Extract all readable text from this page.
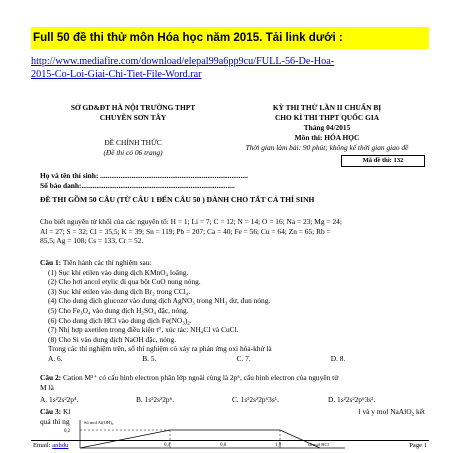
Full 50 đề thi thử môn Hóa học năm 2015. Tải link dưới :
http://www.mediafire.com/download/elepal99a6pp9cu/FULL-56-De-Hoa-
2015-Co-Loi-Giai-Chi-Tiet-File-Word.rar
SỞ GD&ĐT HÀ NỘI TRƯỜNG THPT
CHUYÊN SƠN TÂY
ĐỀ CHÍNH THỨC
(Đề thi có 06 trang)
KỲ THI THỬ LẦN II CHUẨN BỊ
CHO KÌ THI THPT QUỐC GIA
Tháng 04/2015
Môn thi: HÓA HỌC
Thời gian làm bài: 90 phút; không kể thời gian giao đề
Mã đề thi: 132
Họ và tên thí sinh: ................................................................................
Số báo danh:...................................................................................
ĐỀ THI GỒM 50 CÂU (TỪ CÂU 1 ĐẾN CÂU 50 ) DÀNH CHO TẤT CẢ THÍ SINH
Cho biết nguyên tử khối của các nguyên tố: H = 1; Li = 7; C = 12; N = 14; O = 16; Na = 23; Mg = 24;
Al = 27; S = 32; Cl = 35,5; K = 39; Sn = 119; Pb = 207; Ca = 40; Fe = 56; Cu = 64; Zn = 65; Rb =
85,5; Ag = 108; Cs = 133, Cr = 52.
Câu 1: Tiến hành các thí nghiệm sau:
(1) Sục khí etilen vào dung dịch KMnO₄ loãng.
(2) Cho hơi ancol etylic đi qua bột CuO nung nóng.
(3) Sục khí etilen vào dung dịch Br₂ trong CCl₄.
(4) Cho dung dịch glucozơ vào dung dịch AgNO₃ trong NH₃ dư, đun nóng.
(5) Cho Fe₃O₄ vào dung dịch H₂SO₄ đặc, nóng.
(6) Cho dung dịch HCl vào dung dịch Fe(NO₃)₂.
(7) Nhị hợp axetilen trong điều kiện t°, xúc tác: NH₄Cl và CuCl.
(8) Cho Si vào dung dịch NaOH đặc, nóng.
Trong các thí nghiệm trên, số thí nghiệm có xảy ra phản ứng oxi hóa-khử là
A. 6.	B. 5.	C. 7.	D. 8.
Câu 2: Cation M²⁺ có cấu hình electron phân lớp ngoài cùng là 2p⁶, cấu hình electron của nguyên tử
M là
A. 1s²2s²2p⁴.	B. 1s²2s²2p⁶.	C. 1s²2s²2p⁶3s¹.	D. 1s²2s²2p⁶3s².
Câu 3: Kl	l và y mol NaAlO₂ kết
quả thí ng	Số mol Al(OH)₃
0,2
0,4	0,6	1,0	số mol HCl
Email: anhdu	Page 1
